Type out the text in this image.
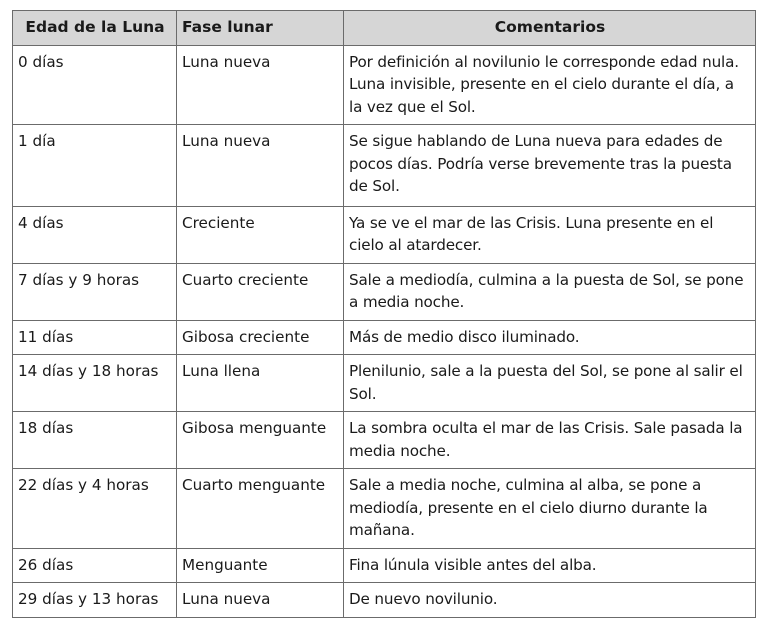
Edad de la Luna	Fase lunar	Comentarios
0 días	Luna nueva	Por definición al novilunio le corresponde edad nula. Luna invisible, presente en el cielo durante el día, a la vez que el Sol.
1 día	Luna nueva	Se sigue hablando de Luna nueva para edades de pocos días. Podría verse brevemente tras la puesta de Sol.
4 días	Creciente	Ya se ve el mar de las Crisis. Luna presente en el cielo al atardecer.
7 días y 9 horas	Cuarto creciente	Sale a mediodía, culmina a la puesta de Sol, se pone a media noche.
11 días	Gibosa creciente	Más de medio disco iluminado.
14 días y 18 horas	Luna llena	Plenilunio, sale a la puesta del Sol, se pone al salir el Sol.
18 días	Gibosa menguante	La sombra oculta el mar de las Crisis. Sale pasada la media noche.
22 días y 4 horas	Cuarto menguante	Sale a media noche, culmina al alba, se pone a mediodía, presente en el cielo diurno durante la mañana.
26 días	Menguante	Fina lúnula visible antes del alba.
29 días y 13 horas	Luna nueva	De nuevo novilunio.
